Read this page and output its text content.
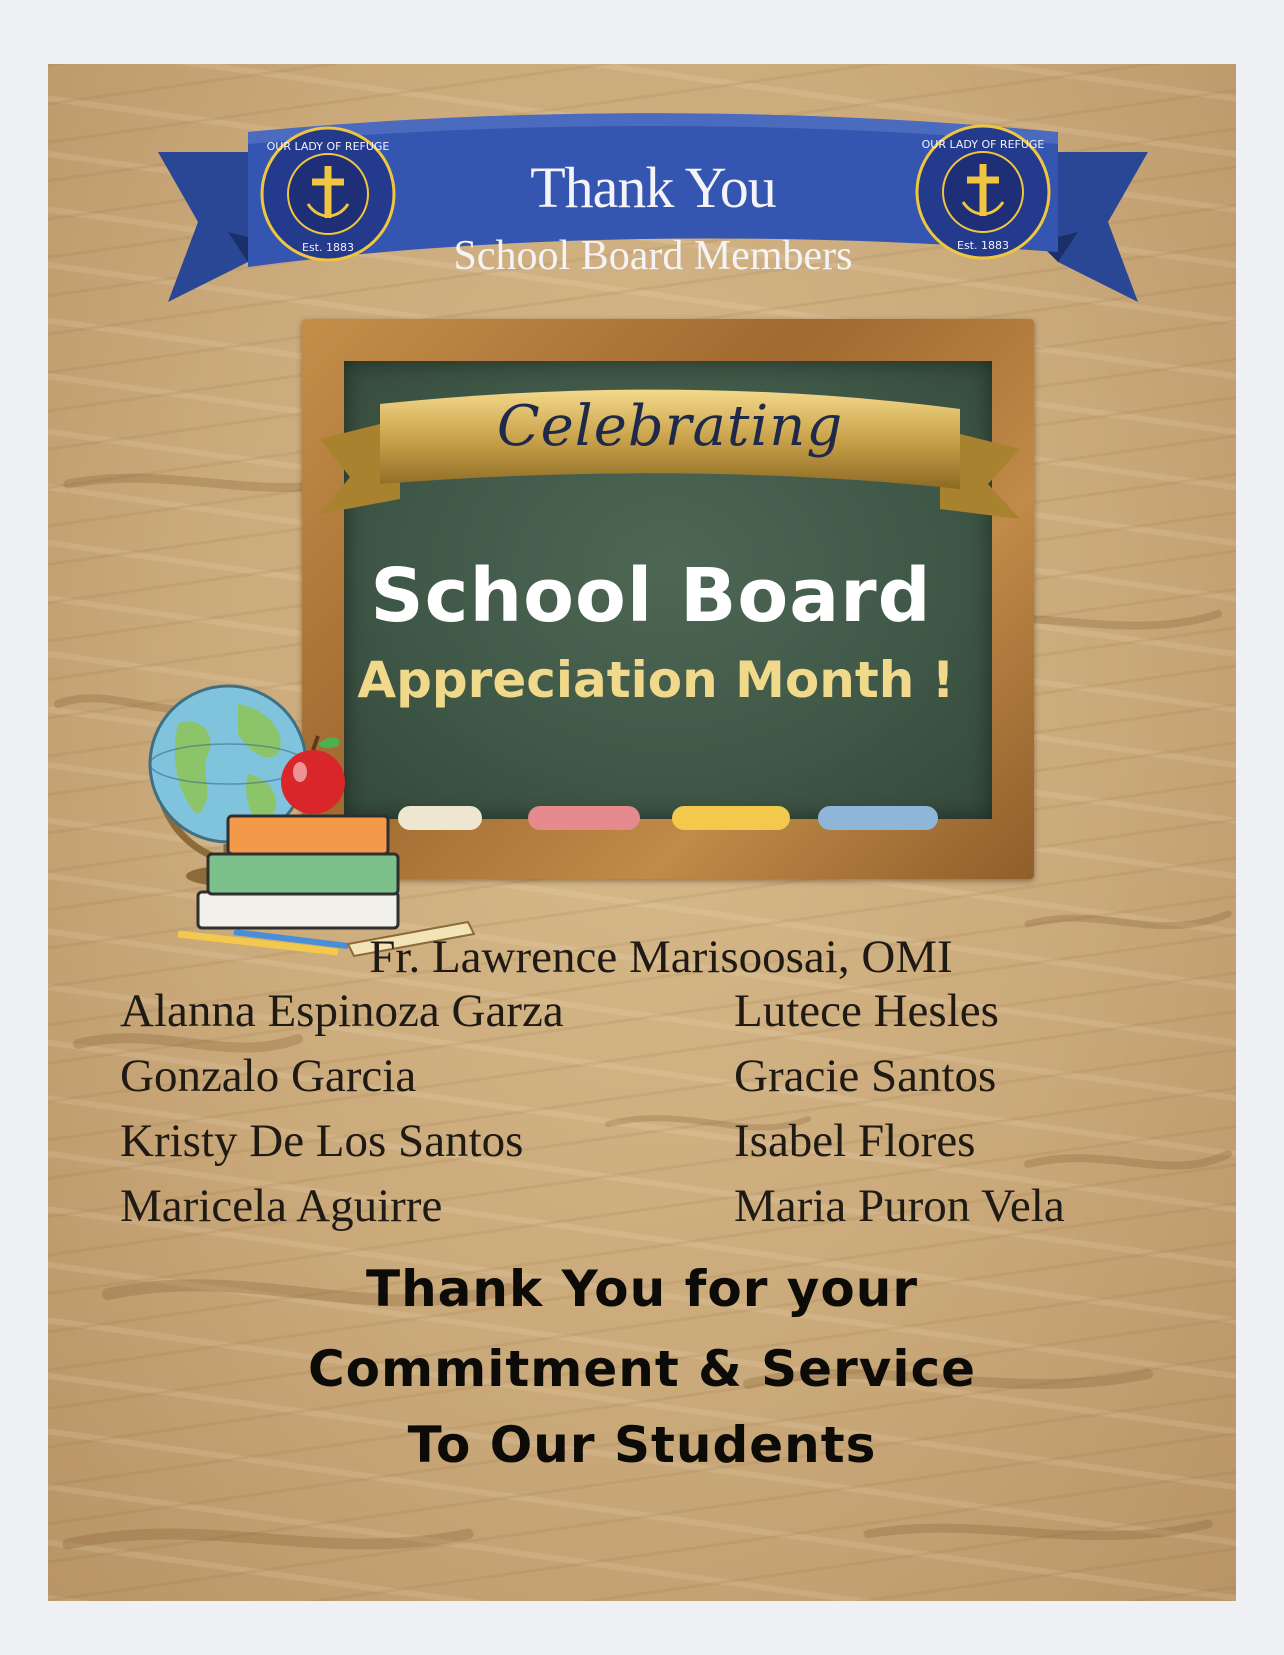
Thank You
School Board Members
OUR LADY OF REFUGE
Est. 1883
OUR LADY OF REFUGE
Est. 1883
School Board
Appreciation Month !
Celebrating
Fr. Lawrence Marisoosai, OMI
Alanna Espinoza Garza
Gonzalo Garcia
Kristy De Los Santos
Maricela Aguirre
Lutece Hesles
Gracie Santos
Isabel Flores
Maria Puron Vela
Thank You for your
Commitment & Service
To Our Students
